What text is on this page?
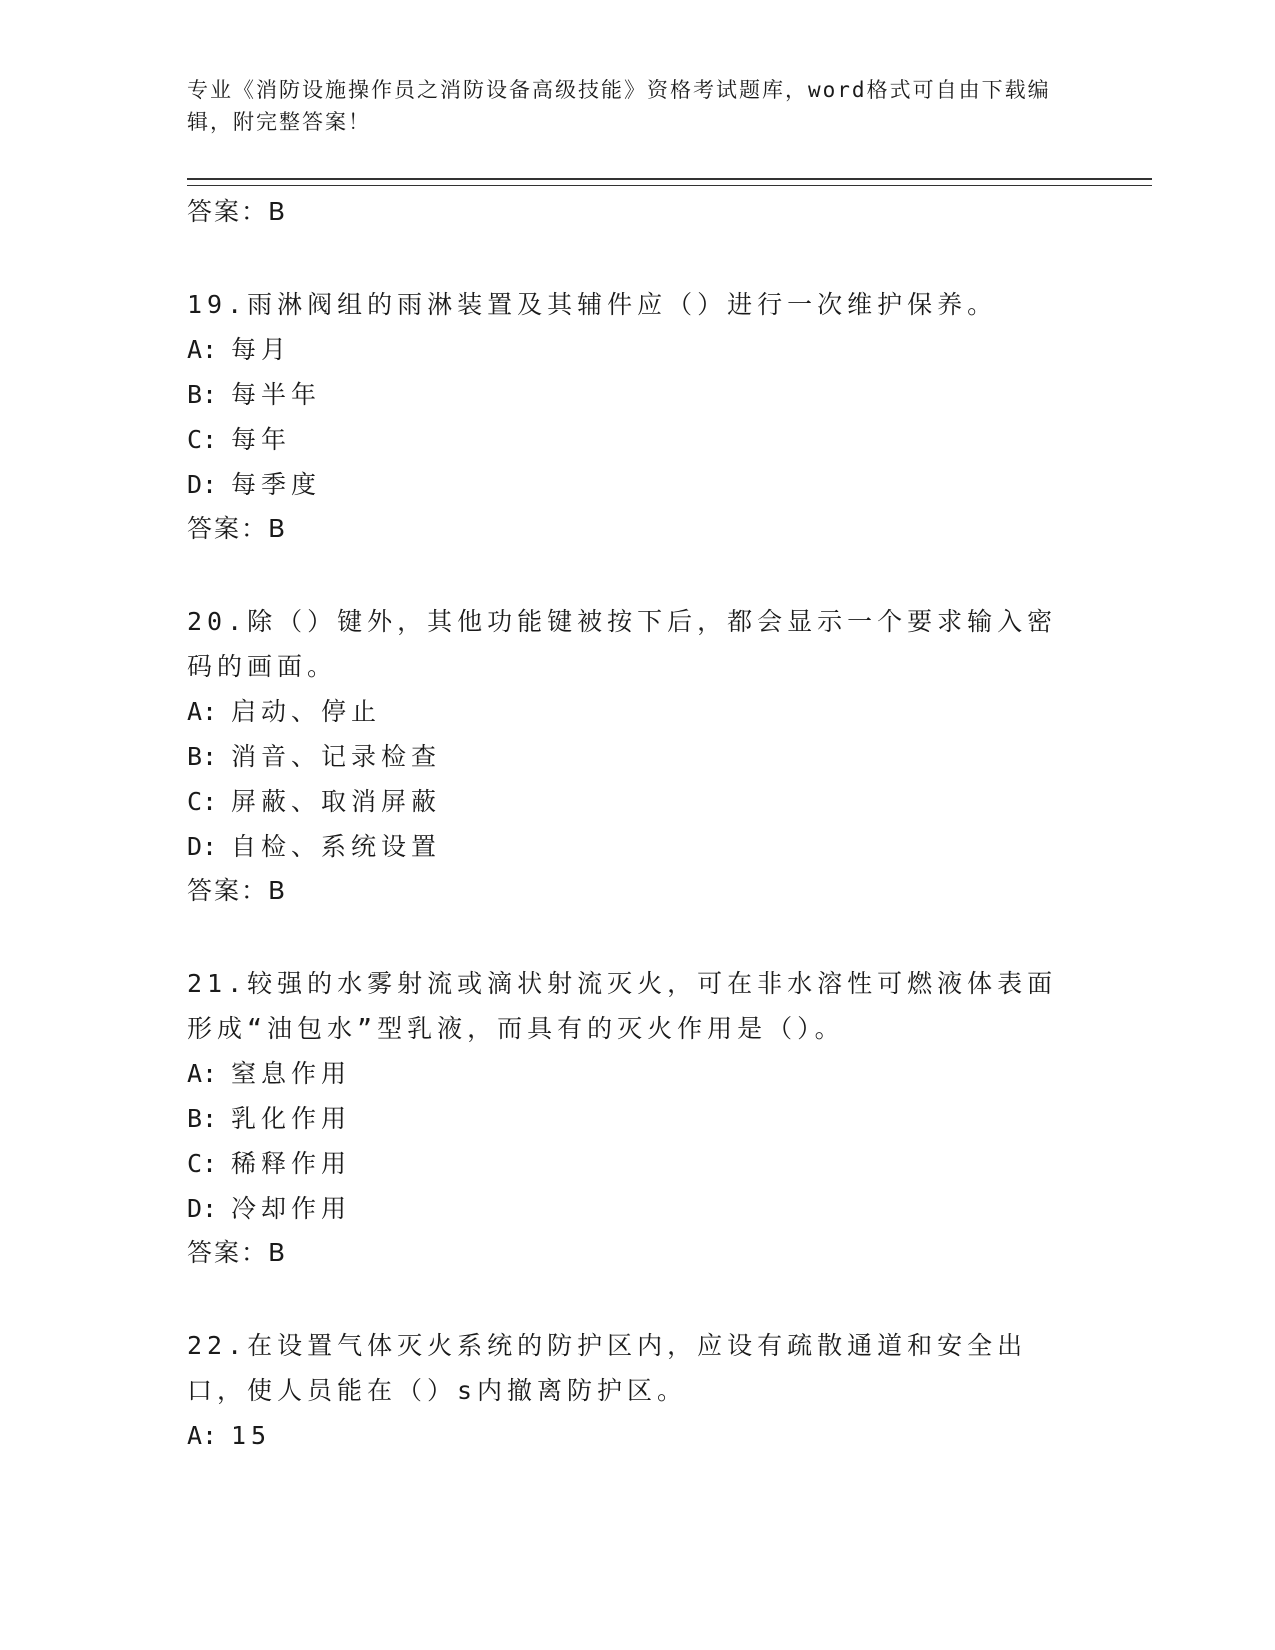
专业《消防设施操作员之消防设备高级技能》资格考试题库，word格式可自由下载编辑，附完整答案！
答案：B
19.雨淋阀组的雨淋装置及其辅件应（）进行一次维护保养。
A: 每月
B: 每半年
C: 每年
D: 每季度
答案：B
20.除（）键外，其他功能键被按下后，都会显示一个要求输入密码的画面。
A: 启动、停止
B: 消音、记录检查
C: 屏蔽、取消屏蔽
D: 自检、系统设置
答案：B
21.较强的水雾射流或滴状射流灭火，可在非水溶性可燃液体表面形成“油包水”型乳液，而具有的灭火作用是（）。
A: 窒息作用
B: 乳化作用
C: 稀释作用
D: 冷却作用
答案：B
22.在设置气体灭火系统的防护区内，应设有疏散通道和安全出口，使人员能在（）s内撤离防护区。
A: 15
